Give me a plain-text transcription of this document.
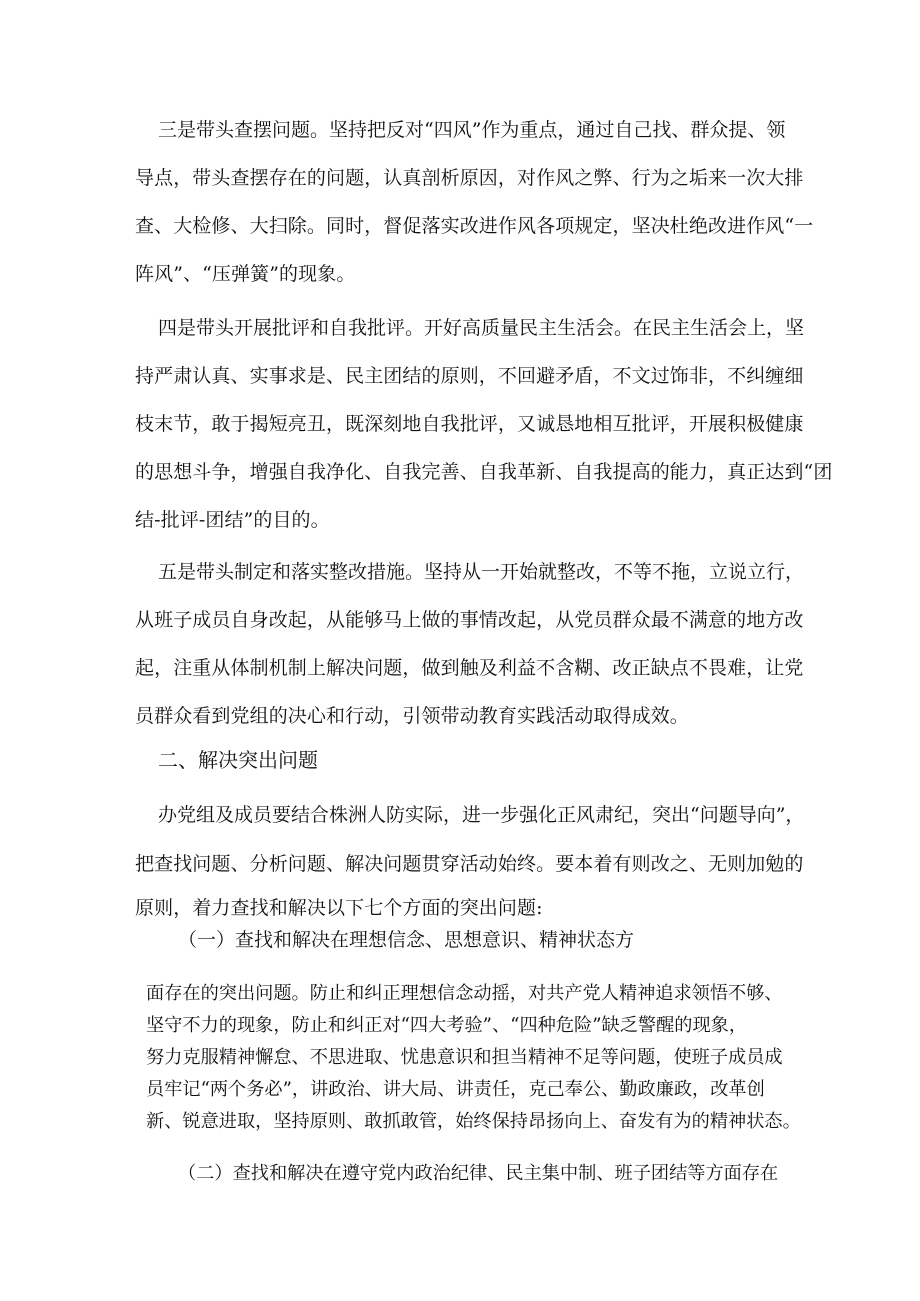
三是带头查摆问题。坚持把反对“四风”作为重点，通过自己找、群众提、领

导点，带头查摆存在的问题，认真剖析原因，对作风之弊、行为之垢来一次大排

查、大检修、大扫除。同时，督促落实改进作风各项规定，坚决杜绝改进作风“一

阵风”、“压弹簧”的现象。

四是带头开展批评和自我批评。开好高质量民主生活会。在民主生活会上，坚

持严肃认真、实事求是、民主团结的原则，不回避矛盾，不文过饰非，不纠缠细

枝末节，敢于揭短亮丑，既深刻地自我批评，又诚恳地相互批评，开展积极健康

的思想斗争，增强自我净化、自我完善、自我革新、自我提高的能力，真正达到“团

结-批评-团结”的目的。

五是带头制定和落实整改措施。坚持从一开始就整改，不等不拖，立说立行，

从班子成员自身改起，从能够马上做的事情改起，从党员群众最不满意的地方改

起，注重从体制机制上解决问题，做到触及利益不含糊、改正缺点不畏难，让党

员群众看到党组的决心和行动，引领带动教育实践活动取得成效。

二、解决突出问题

办党组及成员要结合株洲人防实际，进一步强化正风肃纪，突出“问题导向”，

把查找问题、分析问题、解决问题贯穿活动始终。要本着有则改之、无则加勉的

原则，着力查找和解决以下七个方面的突出问题:

（一）查找和解决在理想信念、思想意识、精神状态方

面存在的突出问题。防止和纠正理想信念动摇，对共产党人精神追求领悟不够、

坚守不力的现象，防止和纠正对“四大考验”、“四种危险”缺乏警醒的现象，

努力克服精神懈怠、不思进取、忧患意识和担当精神不足等问题，使班子成员成

员牢记“两个务必”，讲政治、讲大局、讲责任，克己奉公、勤政廉政，改革创

新、锐意进取，坚持原则、敢抓敢管，始终保持昂扬向上、奋发有为的精神状态。

（二）查找和解决在遵守党内政治纪律、民主集中制、班子团结等方面存在
